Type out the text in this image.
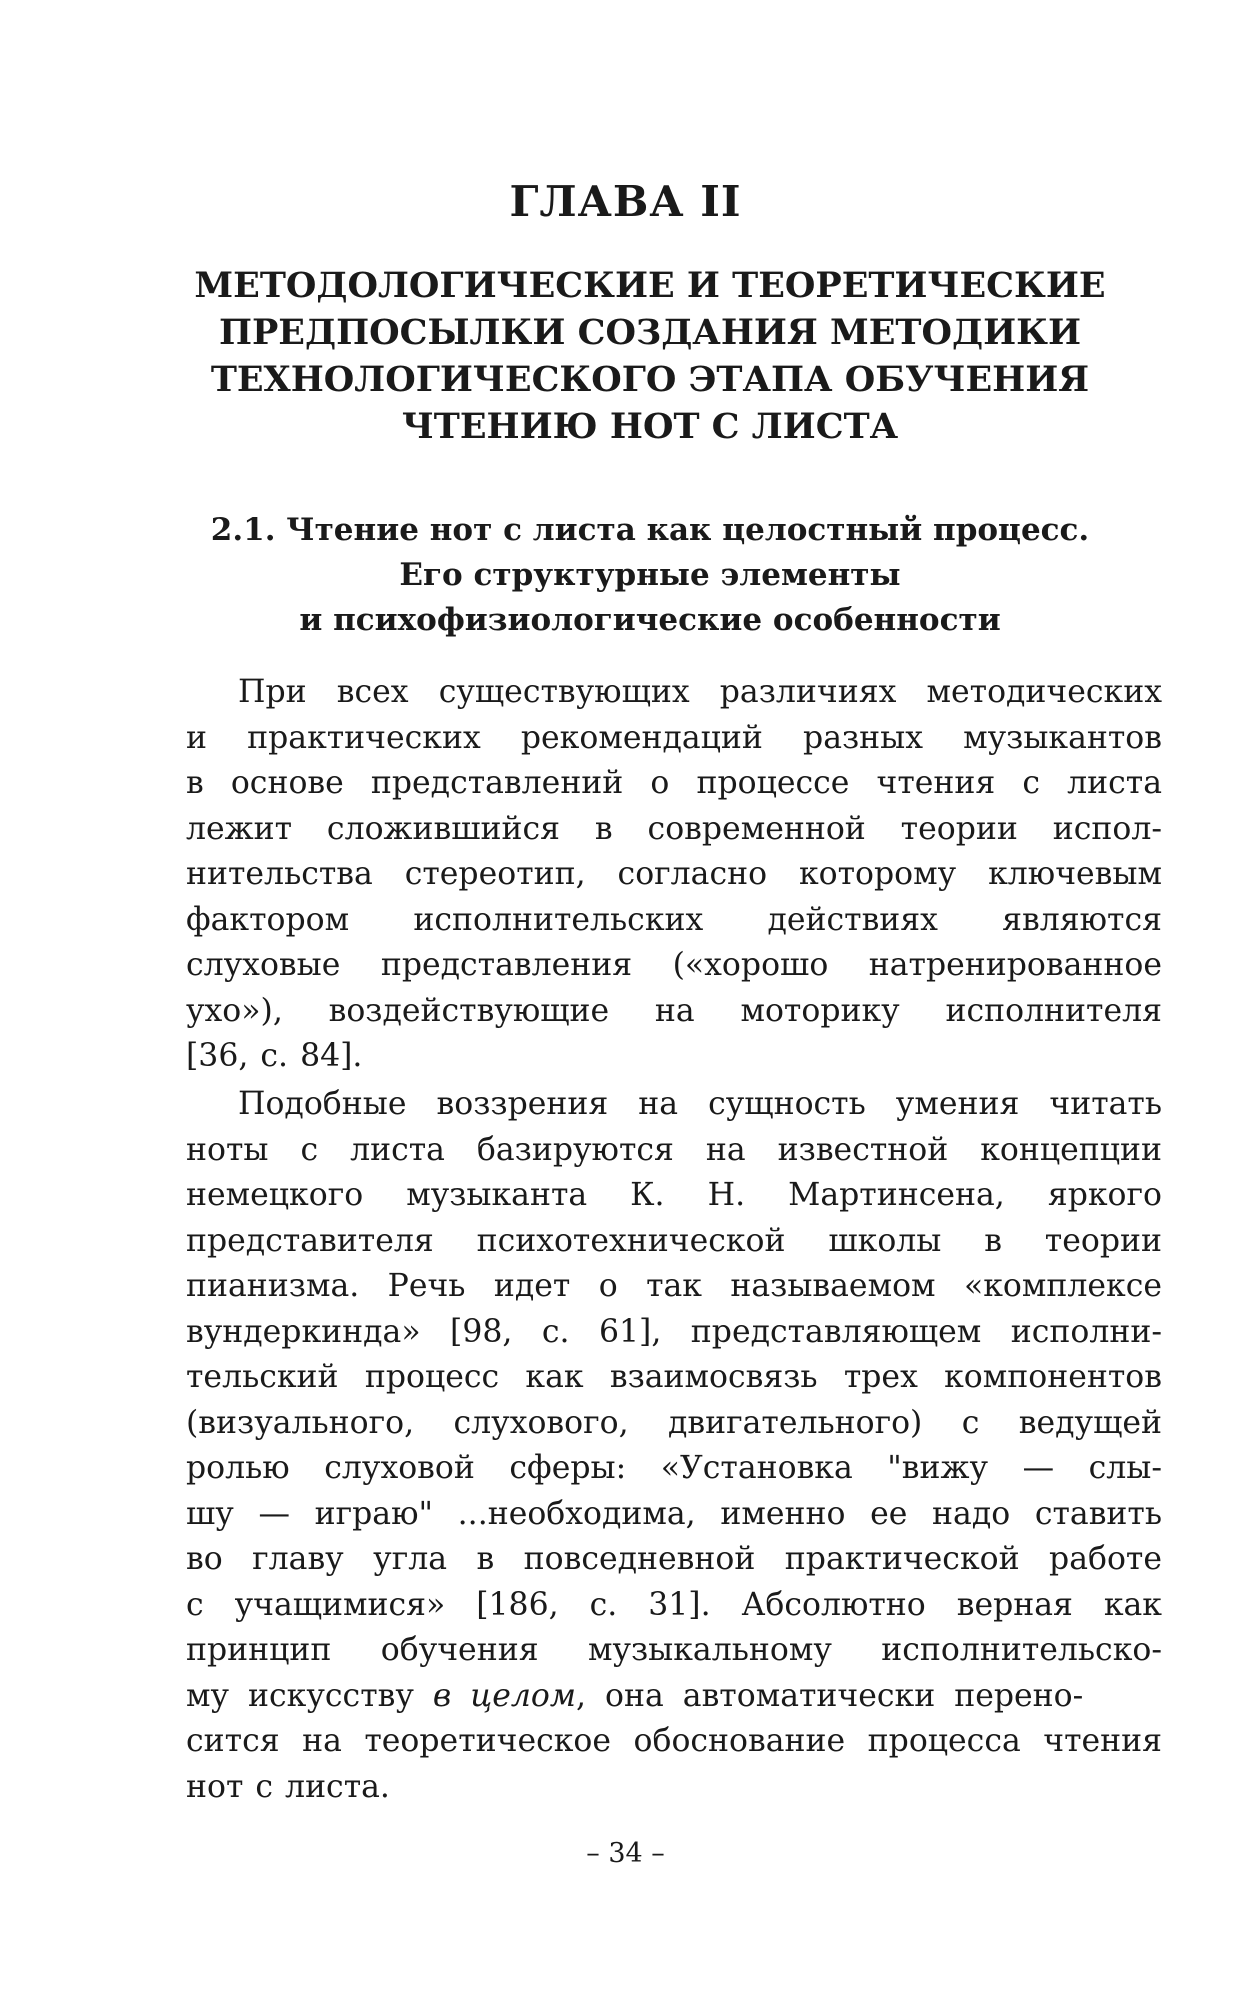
ГЛАВА II
МЕТОДОЛОГИЧЕСКИЕ И ТЕОРЕТИЧЕСКИЕ
ПРЕДПОСЫЛКИ СОЗДАНИЯ МЕТОДИКИ
ТЕХНОЛОГИЧЕСКОГО ЭТАПА ОБУЧЕНИЯ
ЧТЕНИЮ НОТ С ЛИСТА
2.1. Чтение нот с листа как целостный процесс.
Его структурные элементы
и психофизиологические особенности
При всех существующих различиях методических
и практических рекомендаций разных музыкантов
в основе представлений о процессе чтения с листа
лежит сложившийся в современной теории испол-
нительства стереотип, согласно которому ключевым
фактором исполнительских действиях являются
слуховые представления («хорошо натренированное
ухо»), воздействующие на моторику исполнителя
[36, с. 84].
Подобные воззрения на сущность умения читать
ноты с листа базируются на известной концепции
немецкого музыканта К. Н. Мартинсена, яркого
представителя психотехнической школы в теории
пианизма. Речь идет о так называемом «комплексе
вундеркинда» [98, с. 61], представляющем исполни-
тельский процесс как взаимосвязь трех компонентов
(визуального, слухового, двигательного) с ведущей
ролью слуховой сферы: «Установка "вижу — слы-
шу — играю" ...необходима, именно ее надо ставить
во главу угла в повседневной практической работе
с учащимися» [186, с. 31]. Абсолютно верная как
принцип обучения музыкальному исполнительско-
му искусству в целом, она автоматически перено-
сится на теоретическое обоснование процесса чтения
нот с листа.
– 34 –
